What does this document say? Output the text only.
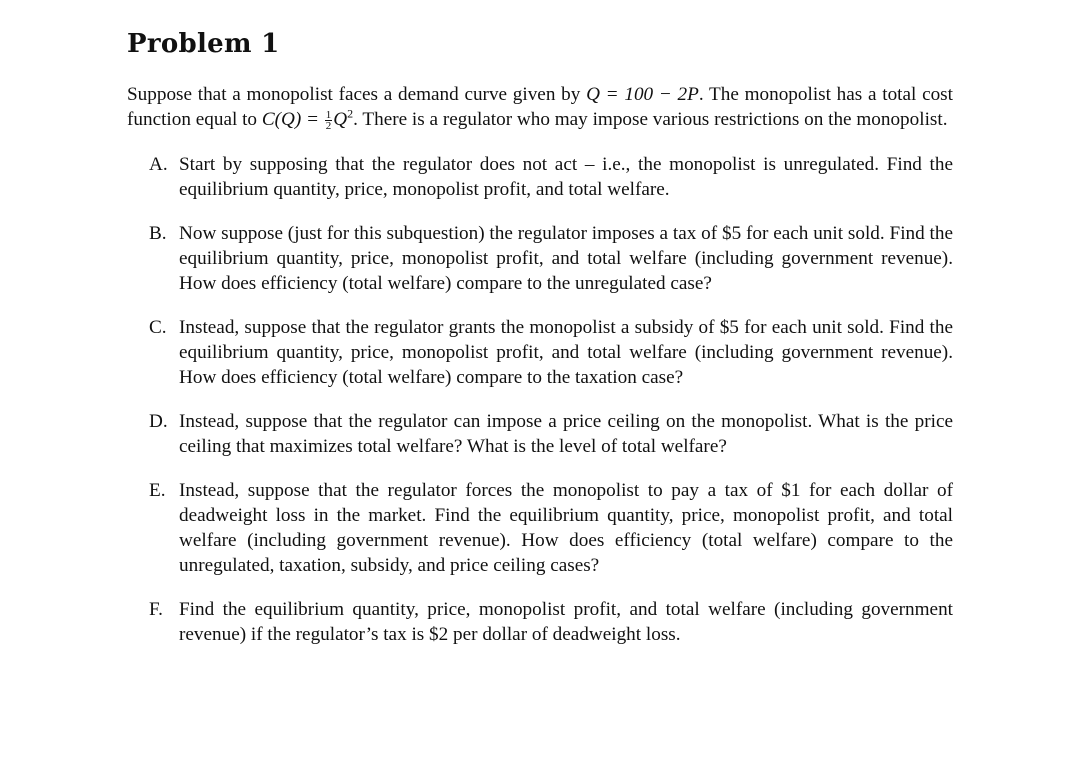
Problem 1

Suppose that a monopolist faces a demand curve given by Q = 100 − 2P. The monopolist has a total cost function equal to $C(Q) = \frac{1}{2} Q^2$. There is a regulator who may impose various restrictions on the monopolist.

A. Start by supposing that the regulator does not act – i.e., the monopolist is unregulated. Find the equilibrium quantity, price, monopolist profit, and total welfare.
B. Now suppose (just for this subquestion) the regulator imposes a tax of $5 for each unit sold. Find the equilibrium quantity, price, monopolist profit, and total welfare (including government revenue). How does efficiency (total welfare) compare to the unregulated case?
C. Instead, suppose that the regulator grants the monopolist a subsidy of $5 for each unit sold. Find the equilibrium quantity, price, monopolist profit, and total welfare (including government revenue). How does efficiency (total welfare) compare to the taxation case?
D. Instead, suppose that the regulator can impose a price ceiling on the monopolist. What is the price ceiling that maximizes total welfare? What is the level of total welfare?
E. Instead, suppose that the regulator forces the monopolist to pay a tax of $1 for each dollar of deadweight loss in the market. Find the equilibrium quantity, price, monopolist profit, and total welfare (including government revenue). How does efficiency (total welfare) compare to the unregulated, taxation, subsidy, and price ceiling cases?
F. Find the equilibrium quantity, price, monopolist profit, and total welfare (including government revenue) if the regulator’s tax is $2 per dollar of deadweight loss.
